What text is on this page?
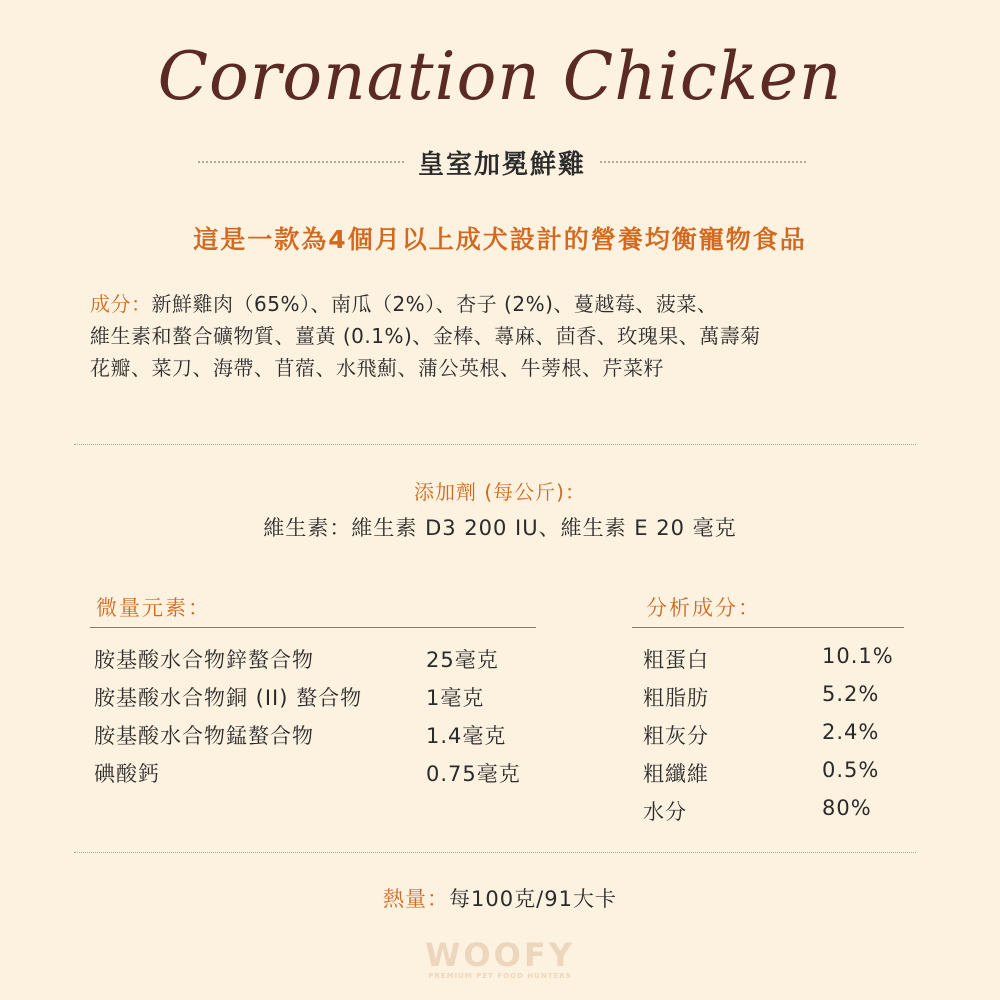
Coronation Chicken
皇室加冕鮮雞
這是一款為4個月以上成犬設計的營養均衡寵物食品
成分：新鮮雞肉（65%）、南瓜（2%）、杏子 (2%)、蔓越莓、菠菜、
維生素和螯合礦物質、薑黃 (0.1%)、金棒、蕁麻、茴香、玫瑰果、萬壽菊
花瓣、菜刀、海帶、苜蓿、水飛薊、蒲公英根、牛蒡根、芹菜籽
添加劑 (每公斤)：
維生素：維生素 D3 200 IU、維生素 E 20 毫克
微量元素：
胺基酸水合物鋅螯合物	25毫克
胺基酸水合物銅 (II) 螯合物	1毫克
胺基酸水合物錳螯合物	1.4毫克
碘酸鈣	0.75毫克
分析成分：
粗蛋白	10.1%
粗脂肪	5.2%
粗灰分	2.4%
粗纖維	0.5%
水分	80%
熱量：每100克/91大卡
WOOFY
PREMIUM PET FOOD HUNTERS
